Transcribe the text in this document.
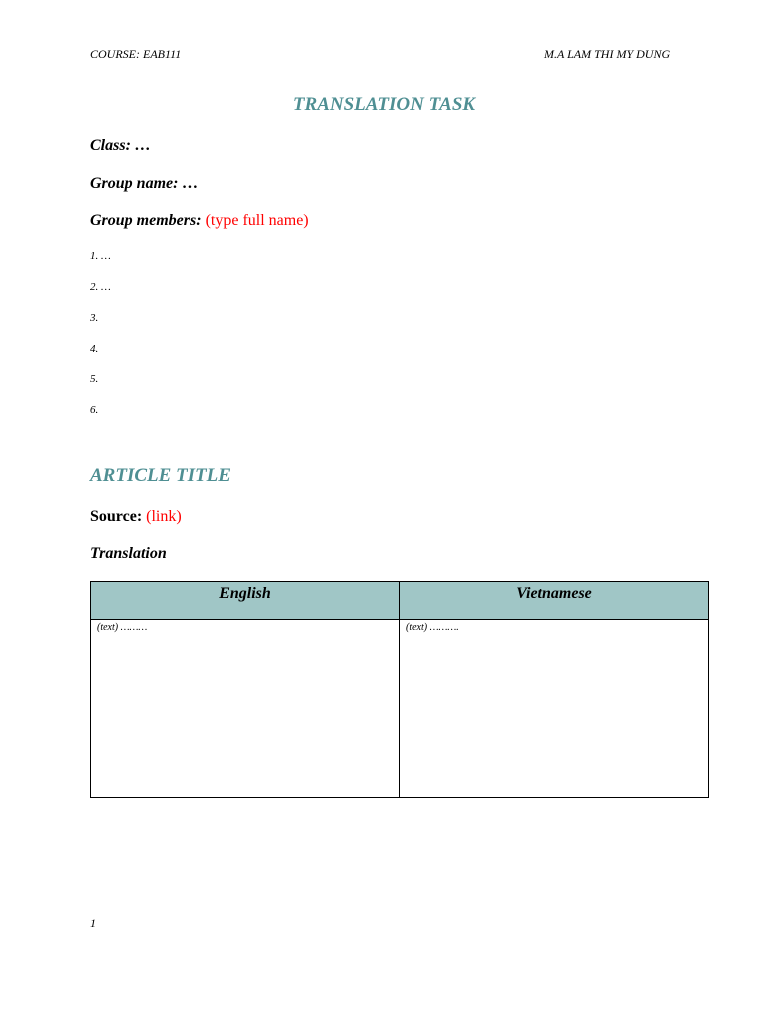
COURSE: EAB111	M.A LAM THI MY DUNG
TRANSLATION TASK
Class: …
Group name: …
Group members: (type full name)
1. …
2. …
3.
4.
5.
6.
ARTICLE TITLE
Source: (link)
Translation
English	Vietnamese
(text) ………	(text) ……….
1
